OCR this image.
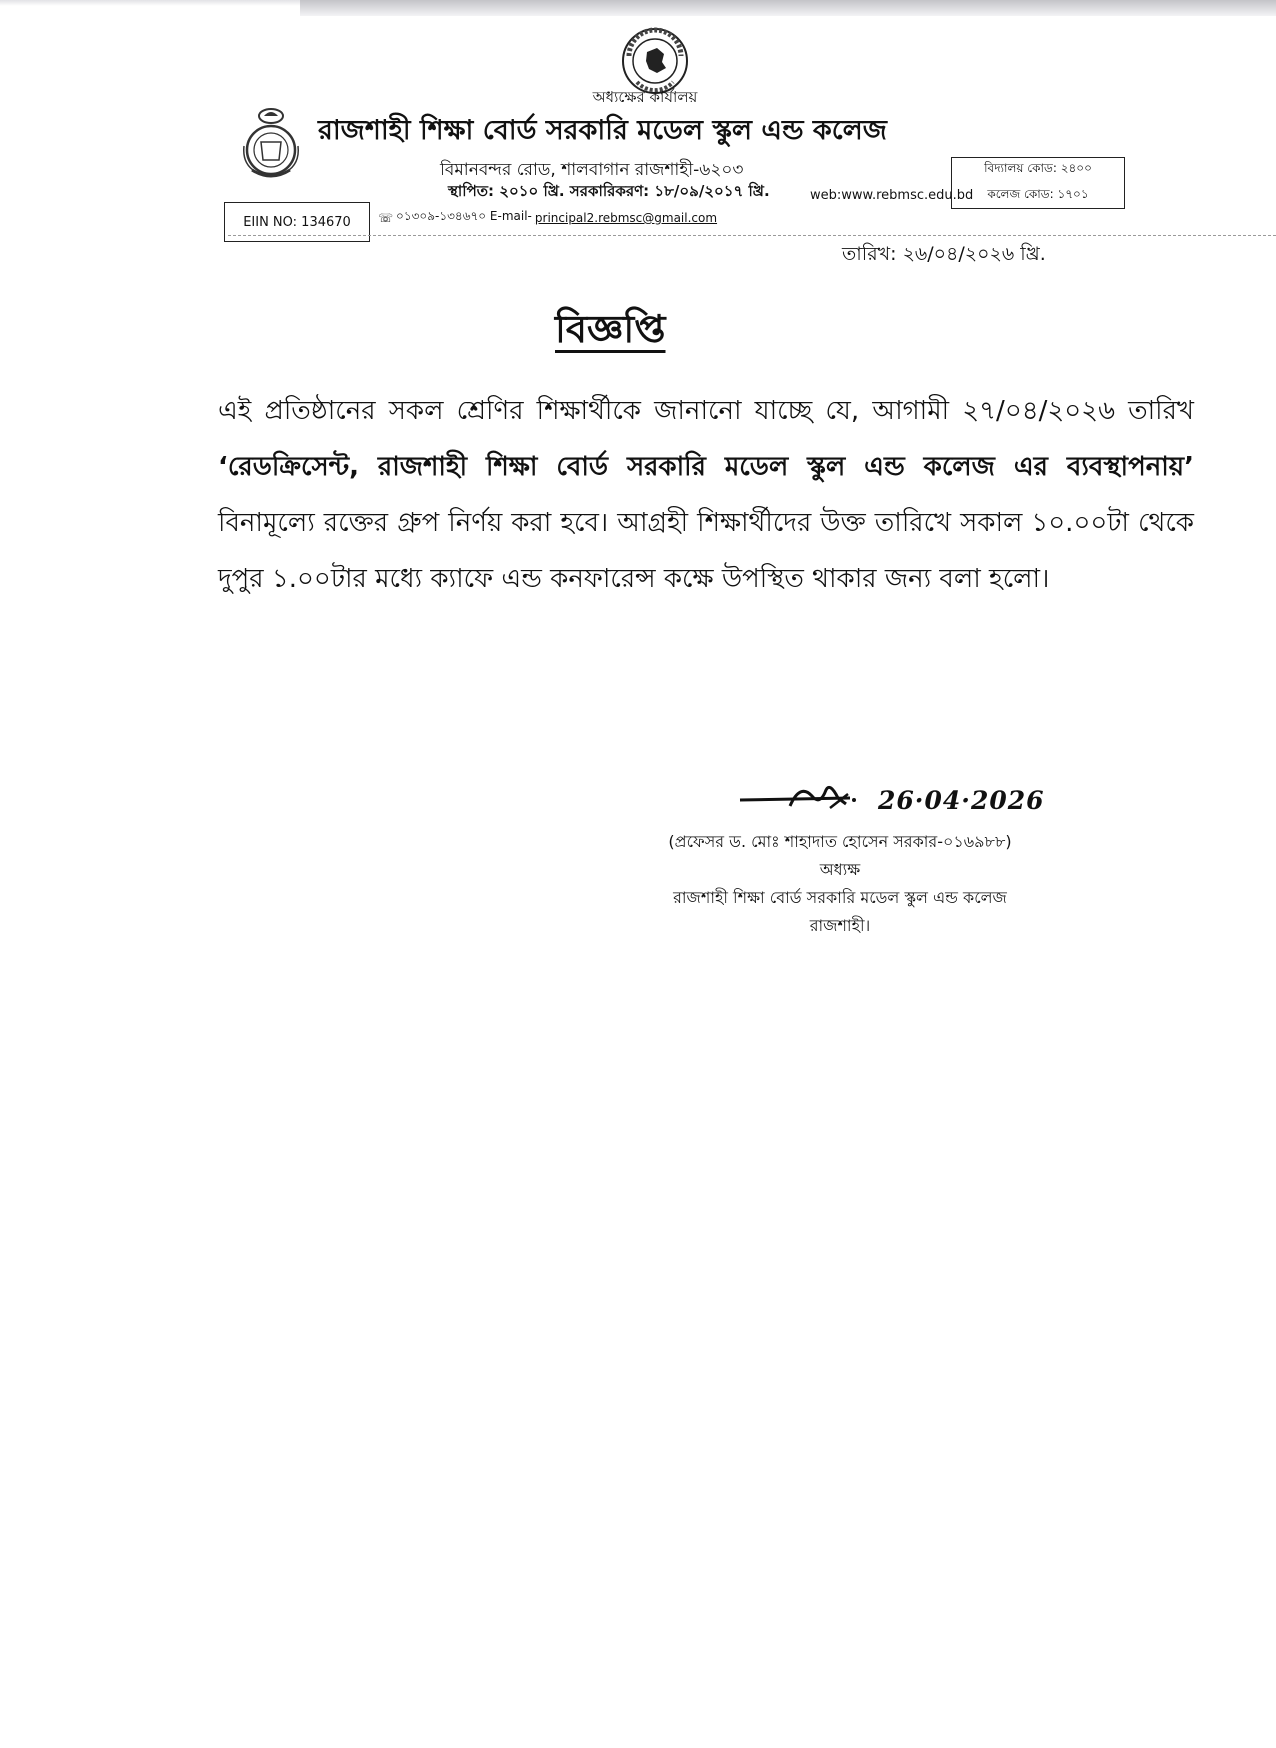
অধ্যক্ষের কার্যালয়
রাজশাহী শিক্ষা বোর্ড সরকারি মডেল স্কুল এন্ড কলেজ
বিমানবন্দর রোড, শালবাগান রাজশাহী-৬২০৩
স্থাপিত: ২০১০ খ্রি. সরকারিকরণ: ১৮/০৯/২০১৭ খ্রি.
EIIN NO: 134670 ☏ ০১৩০৯-১৩৪৬৭০ E-mail- principal2.rebmsc@gmail.com
web:www.rebmsc.edu.bd
বিদ্যালয় কোড: ২৪০০
কলেজ কোড: ১৭০১
তারিখ: ২৬/০৪/২০২৬ খ্রি.
বিজ্ঞপ্তি
এই প্রতিষ্ঠানের সকল শ্রেণির শিক্ষার্থীকে জানানো যাচ্ছে যে, আগামী ২৭/০৪/২০২৬ তারিখ ‘রেডক্রিসেন্ট, রাজশাহী শিক্ষা বোর্ড সরকারি মডেল স্কুল এন্ড কলেজ এর ব্যবস্থাপনায়’ বিনামূল্যে রক্তের গ্রুপ নির্ণয় করা হবে। আগ্রহী শিক্ষার্থীদের উক্ত তারিখে সকাল ১০.০০টা থেকে দুপুর ১.০০টার মধ্যে ক্যাফে এন্ড কনফারেন্স কক্ষে উপস্থিত থাকার জন্য বলা হলো।
26·04·2026
(প্রফেসর ড. মোঃ শাহাদাত হোসেন সরকার-০১৬৯৮৮)
অধ্যক্ষ
রাজশাহী শিক্ষা বোর্ড সরকারি মডেল স্কুল এন্ড কলেজ
রাজশাহী।
